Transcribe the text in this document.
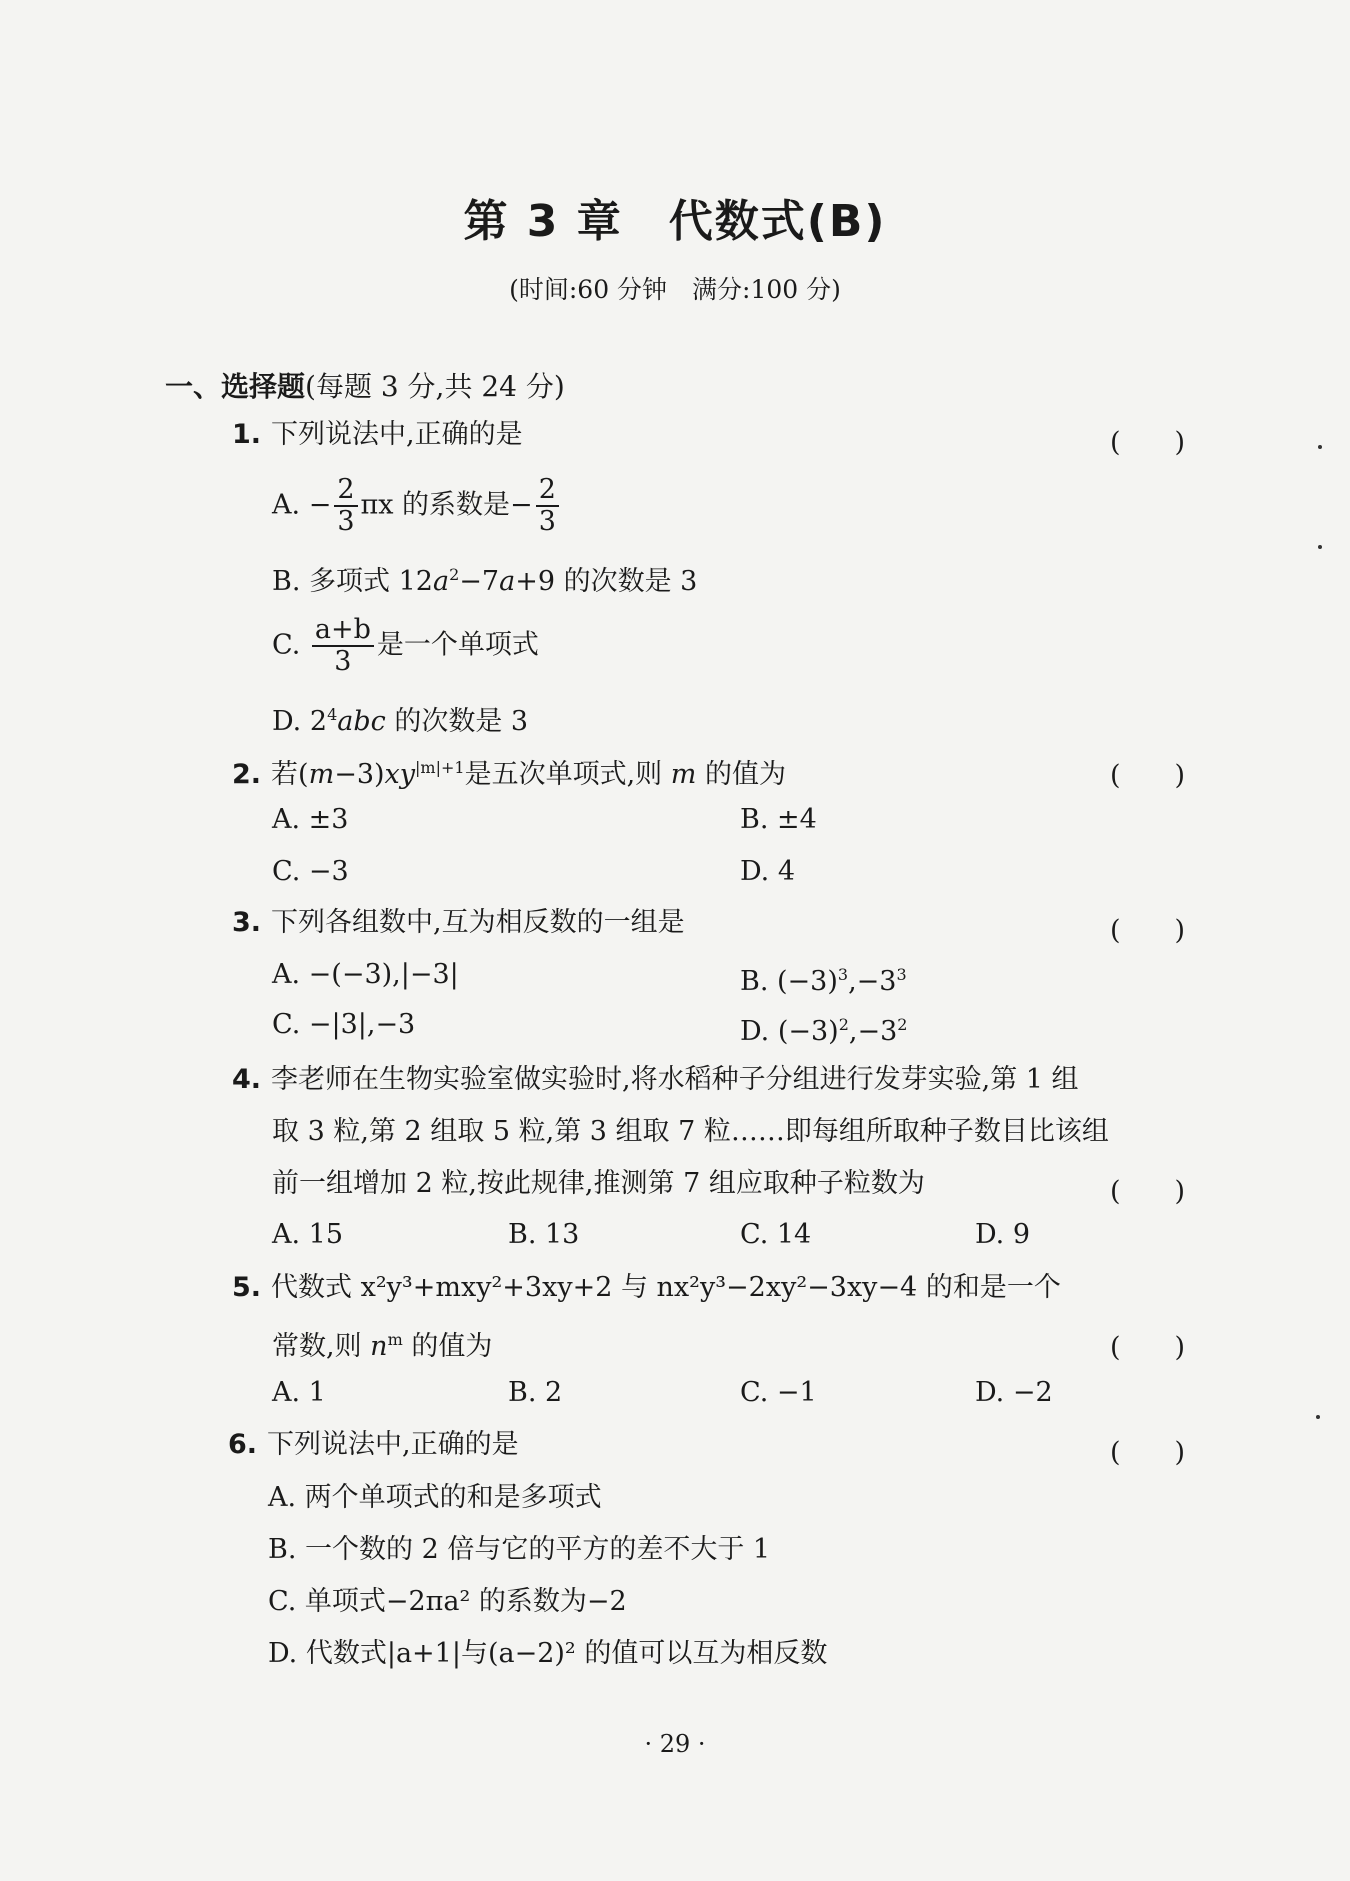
第 3 章　代数式(B)
(时间:60 分钟　满分:100 分)
一、选择题(每题 3 分,共 24 分)
1. 下列说法中,正确的是	(　　)
A. − $\frac{2}{3}$ πx 的系数是− $\frac{2}{3}$
B. 多项式 $12a^2-7a+9$ 的次数是 3
C. $\frac{a+b}{3}$ 是一个单项式
D. $2^4abc$ 的次数是 3
2. 若$(m-3)xy^{|m|+1}$是五次单项式,则 m 的值为	(　　)
A. ±3	B. ±4
C. −3	D. 4
3. 下列各组数中,互为相反数的一组是	(　　)
A. −(−3),|−3|	B. $(-3)^3,-3^3$
C. −|3|,−3	D. $(-3)^2,-3^2$
4. 李老师在生物实验室做实验时,将水稻种子分组进行发芽实验,第 1 组
取 3 粒,第 2 组取 5 粒,第 3 组取 7 粒……即每组所取种子数目比该组
前一组增加 2 粒,按此规律,推测第 7 组应取种子粒数为	(　　)
A. 15	B. 13	C. 14	D. 9
5. 代数式 x²y³+mxy²+3xy+2 与 nx²y³−2xy²−3xy−4 的和是一个
常数,则 $n^m$ 的值为	(　　)
A. 1	B. 2	C. −1	D. −2
6. 下列说法中,正确的是	(　　)
A. 两个单项式的和是多项式
B. 一个数的 2 倍与它的平方的差不大于 1
C. 单项式−2πa² 的系数为−2
D. 代数式|a+1|与(a−2)² 的值可以互为相反数
· 29 ·
